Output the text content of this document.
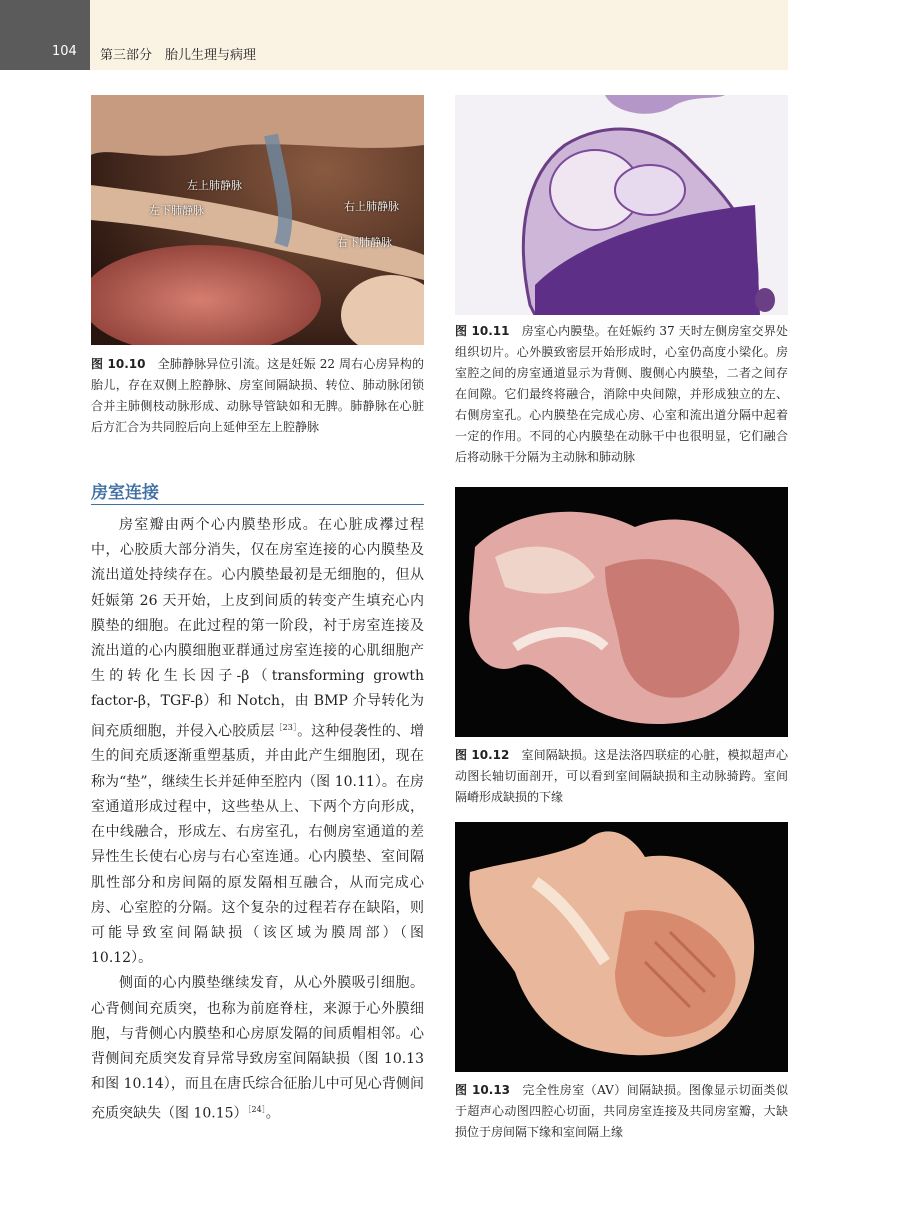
104 第三部分　胎儿生理与病理
左上肺静脉
左下肺静脉	右上肺静脉
右下肺静脉
图 10.10 全肺静脉异位引流。这是妊娠 22 周右心房异构的胎儿，存在双侧上腔静脉、房室间隔缺损、转位、肺动脉闭锁合并主肺侧枝动脉形成、动脉导管缺如和无脾。肺静脉在心脏后方汇合为共同腔后向上延伸至左上腔静脉
图 10.11 房室心内膜垫。在妊娠约 37 天时左侧房室交界处组织切片。心外膜致密层开始形成时，心室仍高度小梁化。房室腔之间的房室通道显示为背侧、腹侧心内膜垫，二者之间存在间隙。它们最终将融合，消除中央间隙，并形成独立的左、右侧房室孔。心内膜垫在完成心房、心室和流出道分隔中起着一定的作用。不同的心内膜垫在动脉干中也很明显，它们融合后将动脉干分隔为主动脉和肺动脉
房室连接

房室瓣由两个心内膜垫形成。在心脏成襻过程中，心胶质大部分消失，仅在房室连接的心内膜垫及流出道处持续存在。心内膜垫最初是无细胞的，但从妊娠第 26 天开始，上皮到间质的转变产生填充心内膜垫的细胞。在此过程的第一阶段，衬于房室连接及流出道的心内膜细胞亚群通过房室连接的心肌细胞产生的转化生长因子-β（transforming growth factor-β，TGF-β）和 Notch，由 BMP 介导转化为间充质细胞，并侵入心胶质层$^{[23]}$。这种侵袭性的、增生的间充质逐渐重塑基质，并由此产生细胞团，现在称为“垫”，继续生长并延伸至腔内（图 10.11）。在房室通道形成过程中，这些垫从上、下两个方向形成，在中线融合，形成左、右房室孔，右侧房室通道的差异性生长使右心房与右心室连通。心内膜垫、室间隔肌性部分和房间隔的原发隔相互融合，从而完成心房、心室腔的分隔。这个复杂的过程若存在缺陷，则可能导致室间隔缺损（该区域为膜周部）（图 10.12）。

侧面的心内膜垫继续发育，从心外膜吸引细胞。心背侧间充质突，也称为前庭脊柱，来源于心外膜细胞，与背侧心内膜垫和心房原发隔的间质帽相邻。心背侧间充质突发育异常导致房室间隔缺损（图 10.13 和图 10.14），而且在唐氏综合征胎儿中可见心背侧间充质突缺失（图 10.15）$^{[24]}$。

图 10.12 室间隔缺损。这是法洛四联症的心脏，模拟超声心动图长轴切面剖开，可以看到室间隔缺损和主动脉骑跨。室间隔嵴形成缺损的下缘
图 10.13 完全性房室（AV）间隔缺损。图像显示切面类似于超声心动图四腔心切面，共同房室连接及共同房室瓣，大缺损位于房间隔下缘和室间隔上缘
